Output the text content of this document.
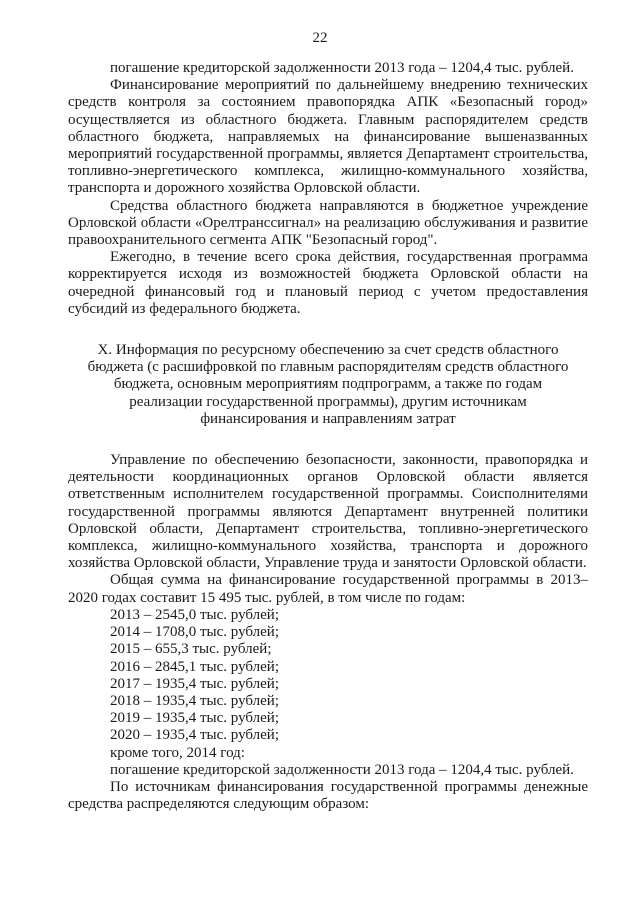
22

погашение кредиторской задолженности 2013 года – 1204,4 тыс. рублей.

Финансирование мероприятий по дальнейшему внедрению технических средств контроля за состоянием правопорядка АПК «Безопасный город» осуществляется из областного бюджета. Главным распорядителем средств областного бюджета, направляемых на финансирование вышеназванных мероприятий государственной программы, является Департамент строительства, топливно-энергетического комплекса, жилищно-коммунального хозяйства, транспорта и дорожного хозяйства Орловской области.

Средства областного бюджета направляются в бюджетное учреждение Орловской области «Орелтранссигнал» на реализацию обслуживания и развитие правоохранительного сегмента АПК "Безопасный город".

Ежегодно, в течение всего срока действия, государственная программа корректируется исходя из возможностей бюджета Орловской области на очередной финансовый год и плановый период с учетом предоставления субсидий из федерального бюджета.

X. Информация по ресурсному обеспечению за счет средств областного бюджета (с расшифровкой по главным распорядителям средств областного бюджета, основным мероприятиям подпрограмм, а также по годам реализации государственной программы), другим источникам финансирования и направлениям затрат

Управление по обеспечению безопасности, законности, правопорядка и деятельности координационных органов Орловской области является ответственным исполнителем государственной программы. Соисполнителями государственной программы являются Департамент внутренней политики Орловской области, Департамент строительства, топливно-энергетического комплекса, жилищно-коммунального хозяйства, транспорта и дорожного хозяйства Орловской области, Управление труда и занятости Орловской области.

Общая сумма на финансирование государственной программы в 2013–2020 годах составит 15 495 тыс. рублей, в том числе по годам:

2013 – 2545,0 тыс. рублей;
2014 – 1708,0 тыс. рублей;
2015 – 655,3 тыс. рублей;
2016 – 2845,1 тыс. рублей;
2017 – 1935,4 тыс. рублей;
2018 – 1935,4 тыс. рублей;
2019 – 1935,4 тыс. рублей;
2020 – 1935,4 тыс. рублей;

кроме того, 2014 год:

погашение кредиторской задолженности 2013 года – 1204,4 тыс. рублей.

По источникам финансирования государственной программы денежные средства распределяются следующим образом:
